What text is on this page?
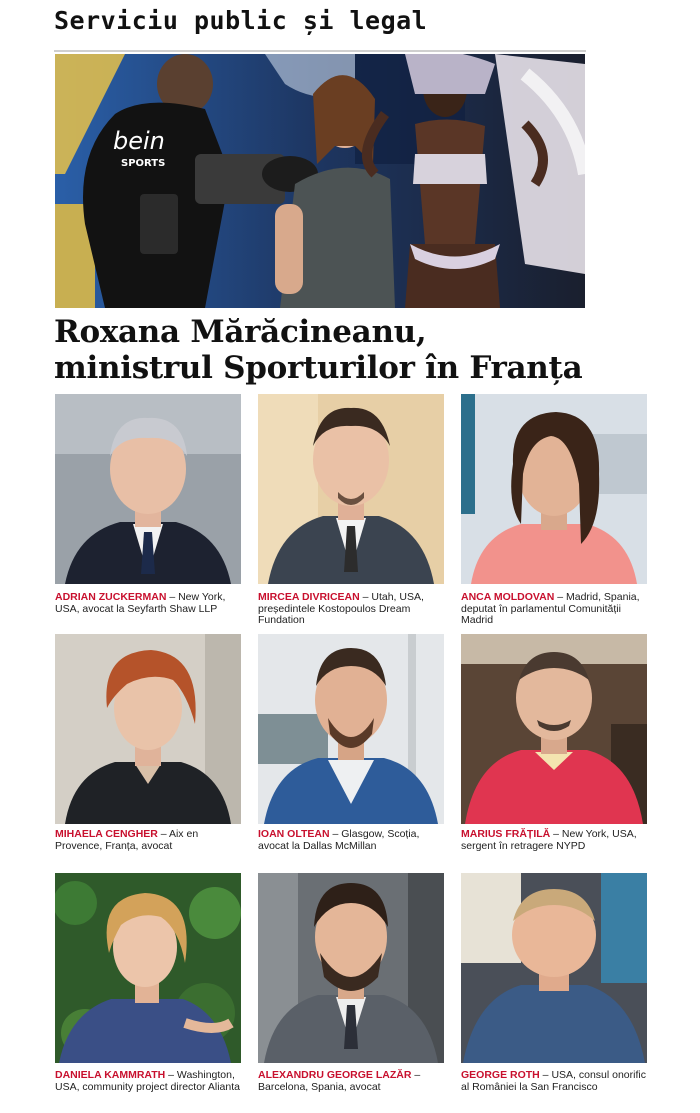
Serviciu public și legal
bein
SPORTS
Roxana Mărăcineanu,
ministrul Sporturilor în Franța

ADRIAN ZUCKERMAN – New York, USA, avocat la Seyfarth Shaw LLP

MIRCEA DIVRICEAN – Utah, USA, președintele Kostopoulos Dream Fundation

ANCA MOLDOVAN – Madrid, Spania, deputat în parlamentul Comunității Madrid

MIHAELA CENGHER – Aix en Provence, Franța, avocat

IOAN OLTEAN – Glasgow, Scoția, avocat la Dallas McMillan

MARIUS FRĂȚILĂ – New York, USA, sergent în retragere NYPD

DANIELA KAMMRATH – Washington, USA, community project director Alianta

ALEXANDRU GEORGE LAZĂR – Barcelona, Spania, avocat

GEORGE ROTH – USA, consul onorific al României la San Francisco
